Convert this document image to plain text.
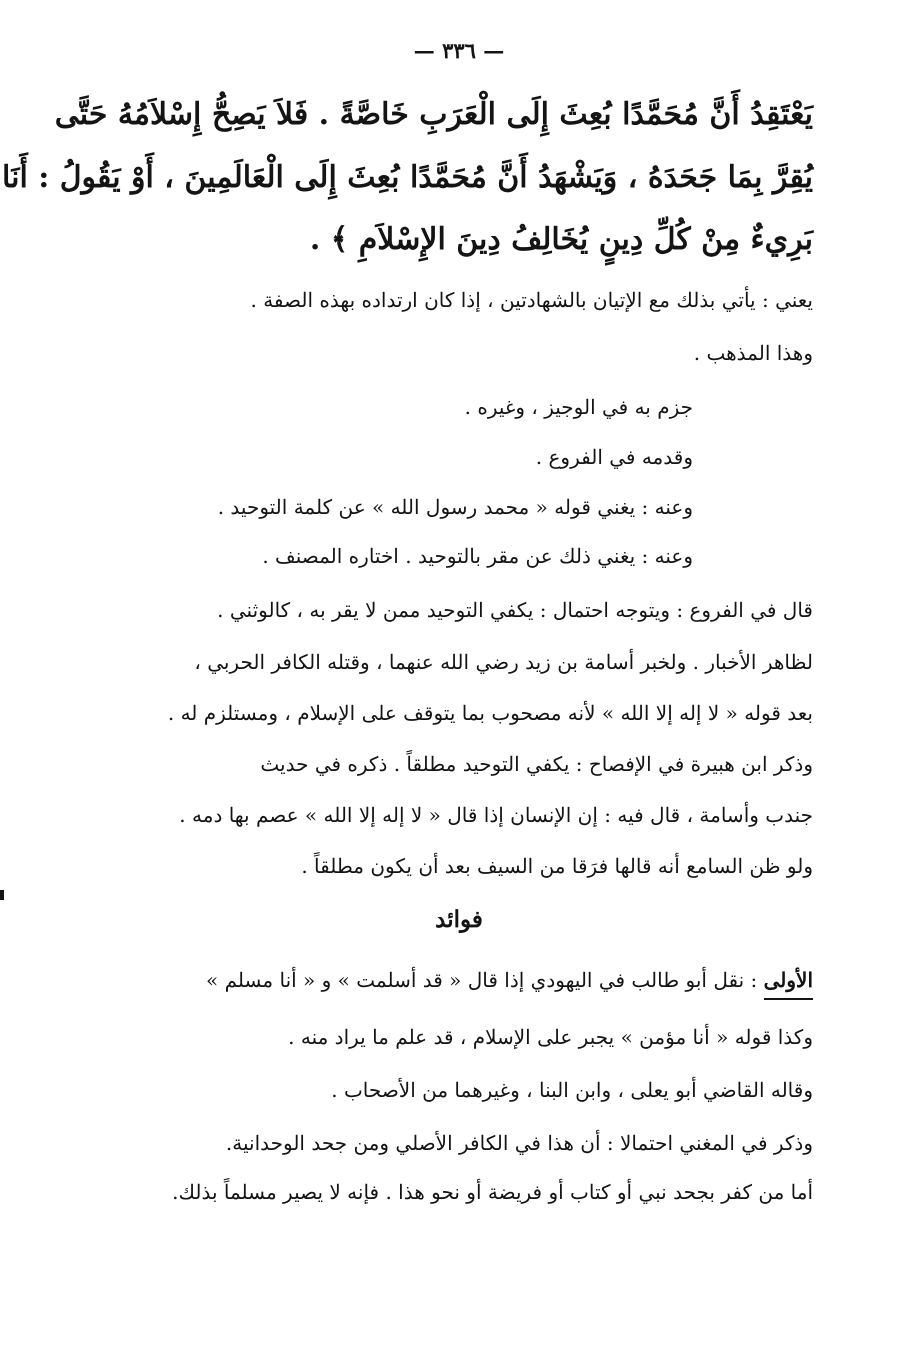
— ٣٣٦ —
يَعْتَقِدُ أَنَّ مُحَمَّدًا بُعِثَ إِلَى الْعَرَبِ خَاصَّةً . فَلاَ يَصِحُّ إِسْلاَمُهُ حَتَّى
يُقِرَّ بِمَا جَحَدَهُ ، وَيَشْهَدُ أَنَّ مُحَمَّدًا بُعِثَ إِلَى الْعَالَمِينَ ، أَوْ يَقُولُ : أَنَا
بَرِيءٌ مِنْ كُلِّ دِينٍ يُخَالِفُ دِينَ الإِسْلاَمِ ﴾ .
يعني : يأتي بذلك مع الإتيان بالشهادتين ، إذا كان ارتداده بهذه الصفة .
وهذا المذهب .
جزم به في الوجيز ، وغيره .
وقدمه في الفروع .
وعنه : يغني قوله « محمد رسول الله » عن كلمة التوحيد .
وعنه : يغني ذلك عن مقر بالتوحيد . اختاره المصنف .
قال في الفروع : ويتوجه احتمال : يكفي التوحيد ممن لا يقر به ، كالوثني .
لظاهر الأخبار . ولخبر أسامة بن زيد رضي الله عنهما ، وقتله الكافر الحربي ،
بعد قوله « لا إله إلا الله » لأنه مصحوب بما يتوقف على الإسلام ، ومستلزم له .
وذكر ابن هبيرة في الإفصاح : يكفي التوحيد مطلقاً . ذكره في حديث
جندب وأسامة ، قال فيه : إن الإنسان إذا قال « لا إله إلا الله » عصم بها دمه .
ولو ظن السامع أنه قالها فرَقا من السيف بعد أن يكون مطلقاً .
فوائد
الأولى : نقل أبو طالب في اليهودي إذا قال « قد أسلمت » و « أنا مسلم »
وكذا قوله « أنا مؤمن » يجبر على الإسلام ، قد علم ما يراد منه .
وقاله القاضي أبو يعلى ، وابن البنا ، وغيرهما من الأصحاب .
وذكر في المغني احتمالا : أن هذا في الكافر الأصلي ومن جحد الوحدانية.
أما من كفر بجحد نبي أو كتاب أو فريضة أو نحو هذا . فإنه لا يصير مسلماً بذلك.
